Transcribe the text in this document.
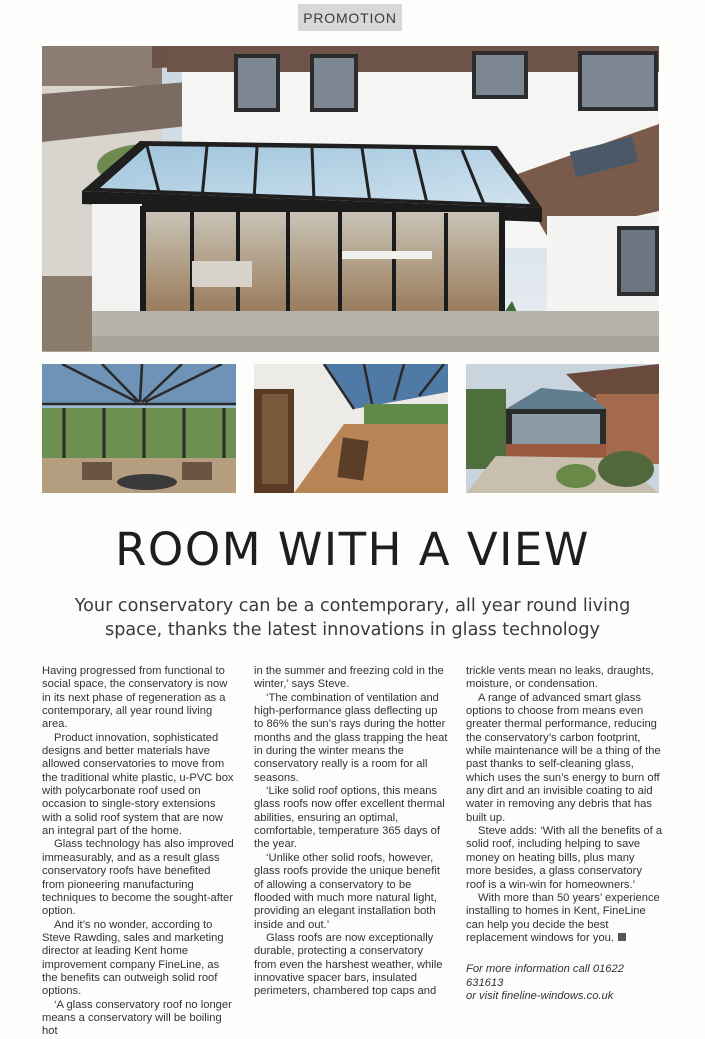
PROMOTION
ROOM WITH A VIEW

Your conservatory can be a contemporary, all year round living space, thanks the latest innovations in glass technology

Having progressed from functional to social space, the conservatory is now in its next phase of regeneration as a contemporary, all year round living area.

Product innovation, sophisticated designs and better materials have allowed conservatories to move from the traditional white plastic, u-PVC box with polycarbonate roof used on occasion to single-story extensions with a solid roof system that are now an integral part of the home.

Glass technology has also improved immeasurably, and as a result glass conservatory roofs have benefited from pioneering manufacturing techniques to become the sought-after option.

And it’s no wonder, according to Steve Rawding, sales and marketing director at leading Kent home improvement company FineLine, as the benefits can outweigh solid roof options.

‘A glass conservatory roof no longer means a conservatory will be boiling hot

in the summer and freezing cold in the winter,’ says Steve.

‘The combination of ventilation and high-performance glass deflecting up to 86% the sun’s rays during the hotter months and the glass trapping the heat in during the winter means the conservatory really is a room for all seasons.

‘Like solid roof options, this means glass roofs now offer excellent thermal abilities, ensuring an optimal, comfortable, temperature 365 days of the year.

‘Unlike other solid roofs, however, glass roofs provide the unique benefit of allowing a conservatory to be flooded with much more natural light, providing an elegant installation both inside and out.’

Glass roofs are now exceptionally durable, protecting a conservatory from even the harshest weather, while innovative spacer bars, insulated perimeters, chambered top caps and

trickle vents mean no leaks, draughts, moisture, or condensation.

A range of advanced smart glass options to choose from means even greater thermal performance, reducing the conservatory’s carbon footprint, while maintenance will be a thing of the past thanks to self-cleaning glass, which uses the sun’s energy to burn off any dirt and an invisible coating to aid water in removing any debris that has built up.

Steve adds: ‘With all the benefits of a solid roof, including helping to save money on heating bills, plus many more besides, a glass conservatory roof is a win-win for homeowners.’

With more than 50 years’ experience installing to homes in Kent, FineLine can help you decide the best replacement windows for you.

For more information call 01622 631613
or visit fineline-windows.co.uk
